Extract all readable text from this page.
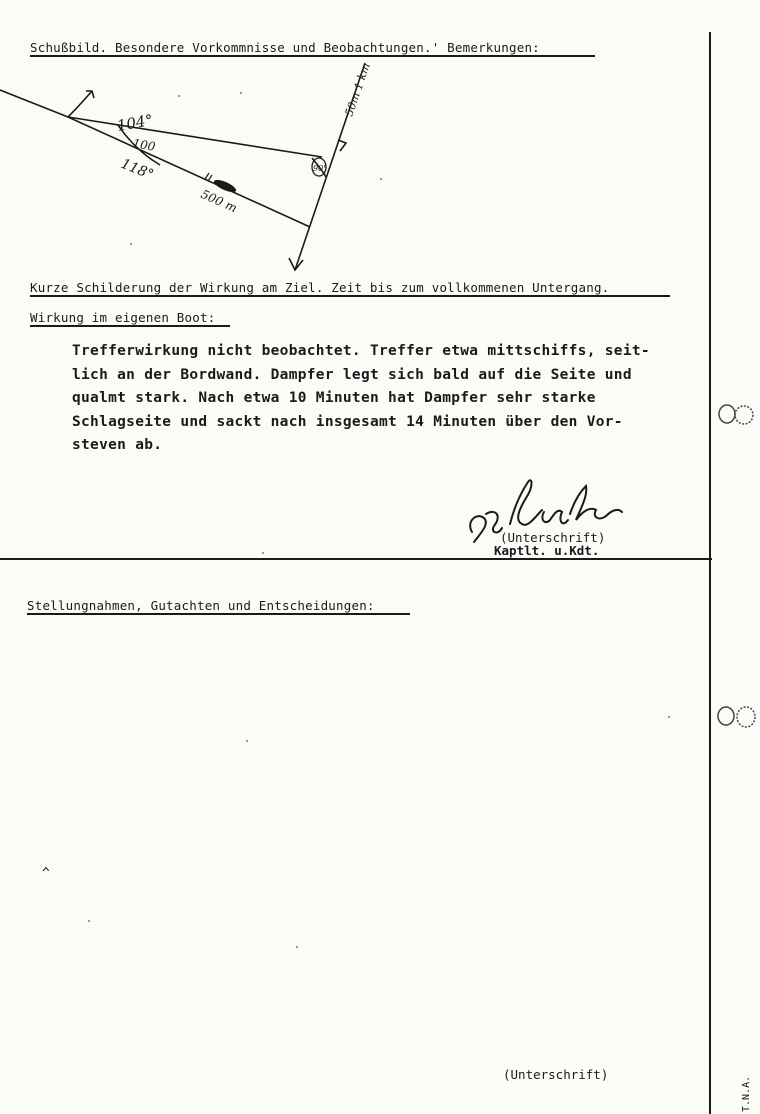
Schußbild. Besondere Vorkommnisse und Beobachtungen.' Bemerkungen:
104°
100
118°
500 m
90°
50m 1 km
Kurze Schilderung der Wirkung am Ziel. Zeit bis zum vollkommenen Untergang.
Wirkung im eigenen Boot:
Trefferwirkung nicht beobachtet. Treffer etwa mittschiffs, seit-
lich an der Bordwand. Dampfer legt sich bald auf die Seite und
qualmt stark. Nach etwa 10 Minuten hat Dampfer sehr starke
Schlagseite und sackt nach insgesamt 14 Minuten über den Vor-
steven ab.
(Unterschrift)
Kaptlt. u.Kdt.
Stellungnahmen, Gutachten und Entscheidungen:
(Unterschrift)
T.N.A.
^
